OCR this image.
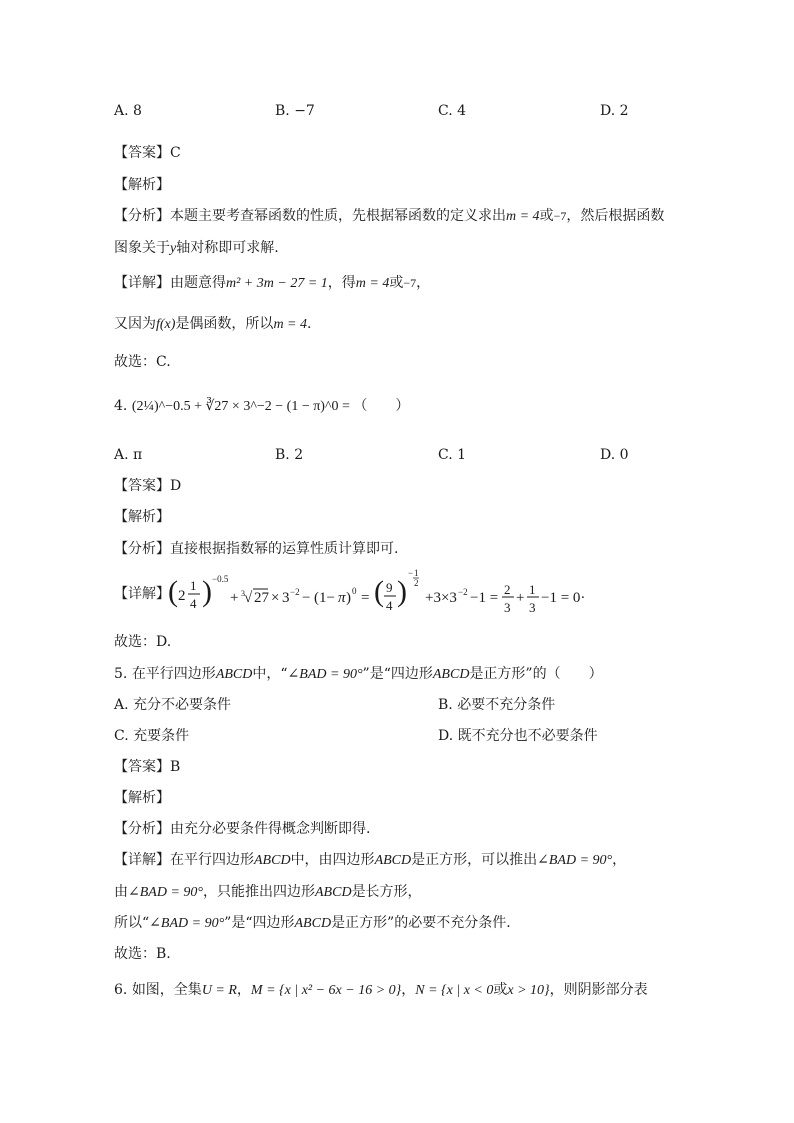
A. 8	B. −7	C. 4	D. 2
【答案】C
【解析】
【分析】本题主要考查幂函数的性质，先根据幂函数的定义求出m = 4或−7，然后根据函数
图象关于y轴对称即可求解.
【详解】由题意得m² + 3m − 27 = 1，得m = 4或−7，
又因为f(x)是偶函数，所以m = 4.
故选：C.
4. (2¼)^−0.5 + ∛27 × 3^−2 − (1 − π)^0 = （　　）
A. π	B. 2	C. 1	D. 0
【答案】D
【解析】
【分析】直接根据指数幂的运算性质计算即可.
【详解】
( 2
1
4 ) −0.5
+ 3 √ 27 × 3 −2 − (1− π ) 0 = ( 9
4 )
− 1
2
+3×3 −2 −1 =
2
3
+
1
3
−1 = 0·
故选：D.
5. 在平行四边形ABCD中，“∠BAD = 90°”是“四边形ABCD是正方形”的（　　）
A. 充分不必要条件	B. 必要不充分条件
C. 充要条件	D. 既不充分也不必要条件
【答案】B
【解析】
【分析】由充分必要条件得概念判断即得.
【详解】在平行四边形ABCD中，由四边形ABCD是正方形，可以推出∠BAD = 90°，
由∠BAD = 90°，只能推出四边形ABCD是长方形，
所以“∠BAD = 90°”是“四边形ABCD是正方形”的必要不充分条件.
故选：B.
6. 如图，全集U = R，M = {x | x² − 6x − 16 > 0}，N = {x | x < 0或x > 10}，则阴影部分表
